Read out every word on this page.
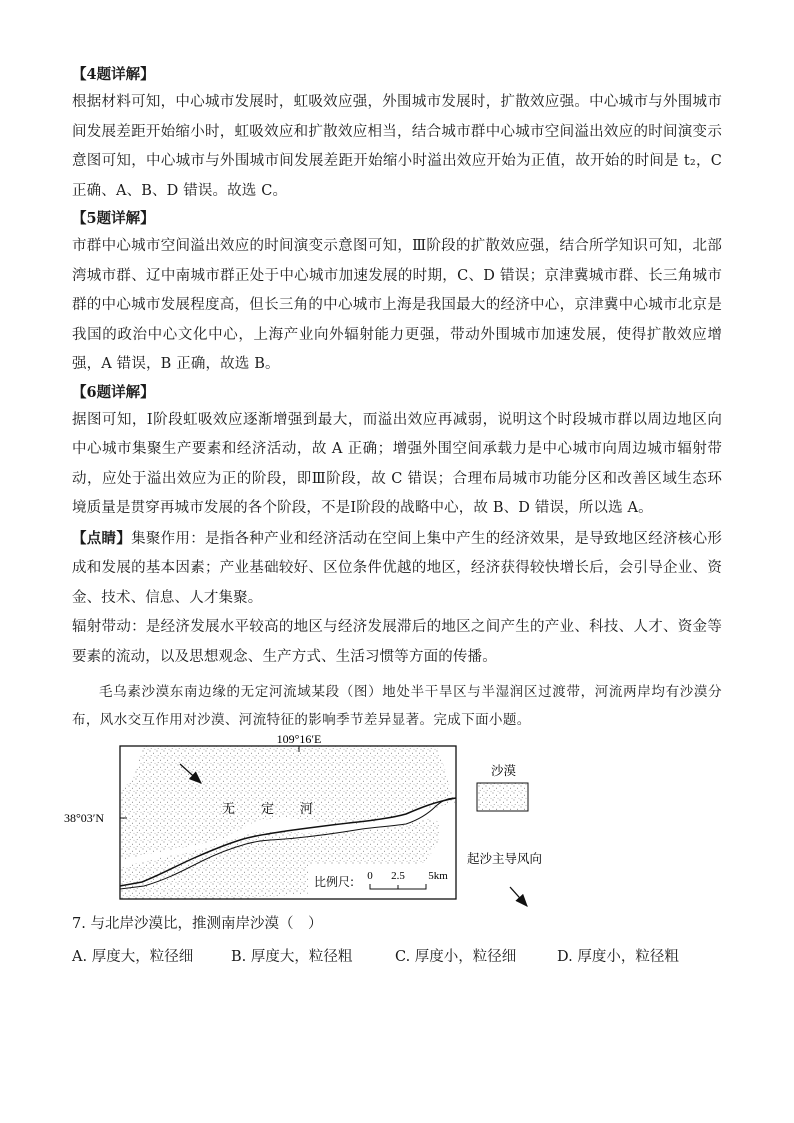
【4题详解】

根据材料可知，中心城市发展时，虹吸效应强，外围城市发展时，扩散效应强。中心城市与外围城市间发展差距开始缩小时，虹吸效应和扩散效应相当，结合城市群中心城市空间溢出效应的时间演变示意图可知，中心城市与外围城市间发展差距开始缩小时溢出效应开始为正值，故开始的时间是 t₂，C 正确、A、B、D 错误。故选 C。

【5题详解】

市群中心城市空间溢出效应的时间演变示意图可知，Ⅲ阶段的扩散效应强，结合所学知识可知，北部湾城市群、辽中南城市群正处于中心城市加速发展的时期，C、D 错误；京津冀城市群、长三角城市群的中心城市发展程度高，但长三角的中心城市上海是我国最大的经济中心，京津冀中心城市北京是我国的政治中心文化中心，上海产业向外辐射能力更强，带动外围城市加速发展，使得扩散效应增强，A 错误，B 正确，故选 B。

【6题详解】

据图可知，Ⅰ阶段虹吸效应逐渐增强到最大，而溢出效应再减弱，说明这个时段城市群以周边地区向中心城市集聚生产要素和经济活动，故 A 正确；增强外围空间承载力是中心城市向周边城市辐射带动，应处于溢出效应为正的阶段，即Ⅲ阶段，故 C 错误；合理布局城市功能分区和改善区域生态环境质量是贯穿再城市发展的各个阶段，不是Ⅰ阶段的战略中心，故 B、D 错误，所以选 A。

【点睛】集聚作用：是指各种产业和经济活动在空间上集中产生的经济效果，是导致地区经济核心形成和发展的基本因素；产业基础较好、区位条件优越的地区，经济获得较快增长后，会引导企业、资金、技术、信息、人才集聚。

辐射带动：是经济发展水平较高的地区与经济发展滞后的地区之间产生的产业、科技、人才、资金等要素的流动，以及思想观念、生产方式、生活习惯等方面的传播。

毛乌素沙漠东南边缘的无定河流域某段（图）地处半干旱区与半湿润区过渡带，河流两岸均有沙漠分布，风水交互作用对沙漠、河流特征的影响季节差异显著。完成下面小题。

109°16′E
38°03′N
无 定 河
比例尺: 0 2.5 5km
沙漠
起沙主导风向

7. 与北岸沙漠比，推测南岸沙漠（　）

A. 厚度大，粒径细	B. 厚度大，粒径粗	C. 厚度小，粒径细	D. 厚度小，粒径粗
